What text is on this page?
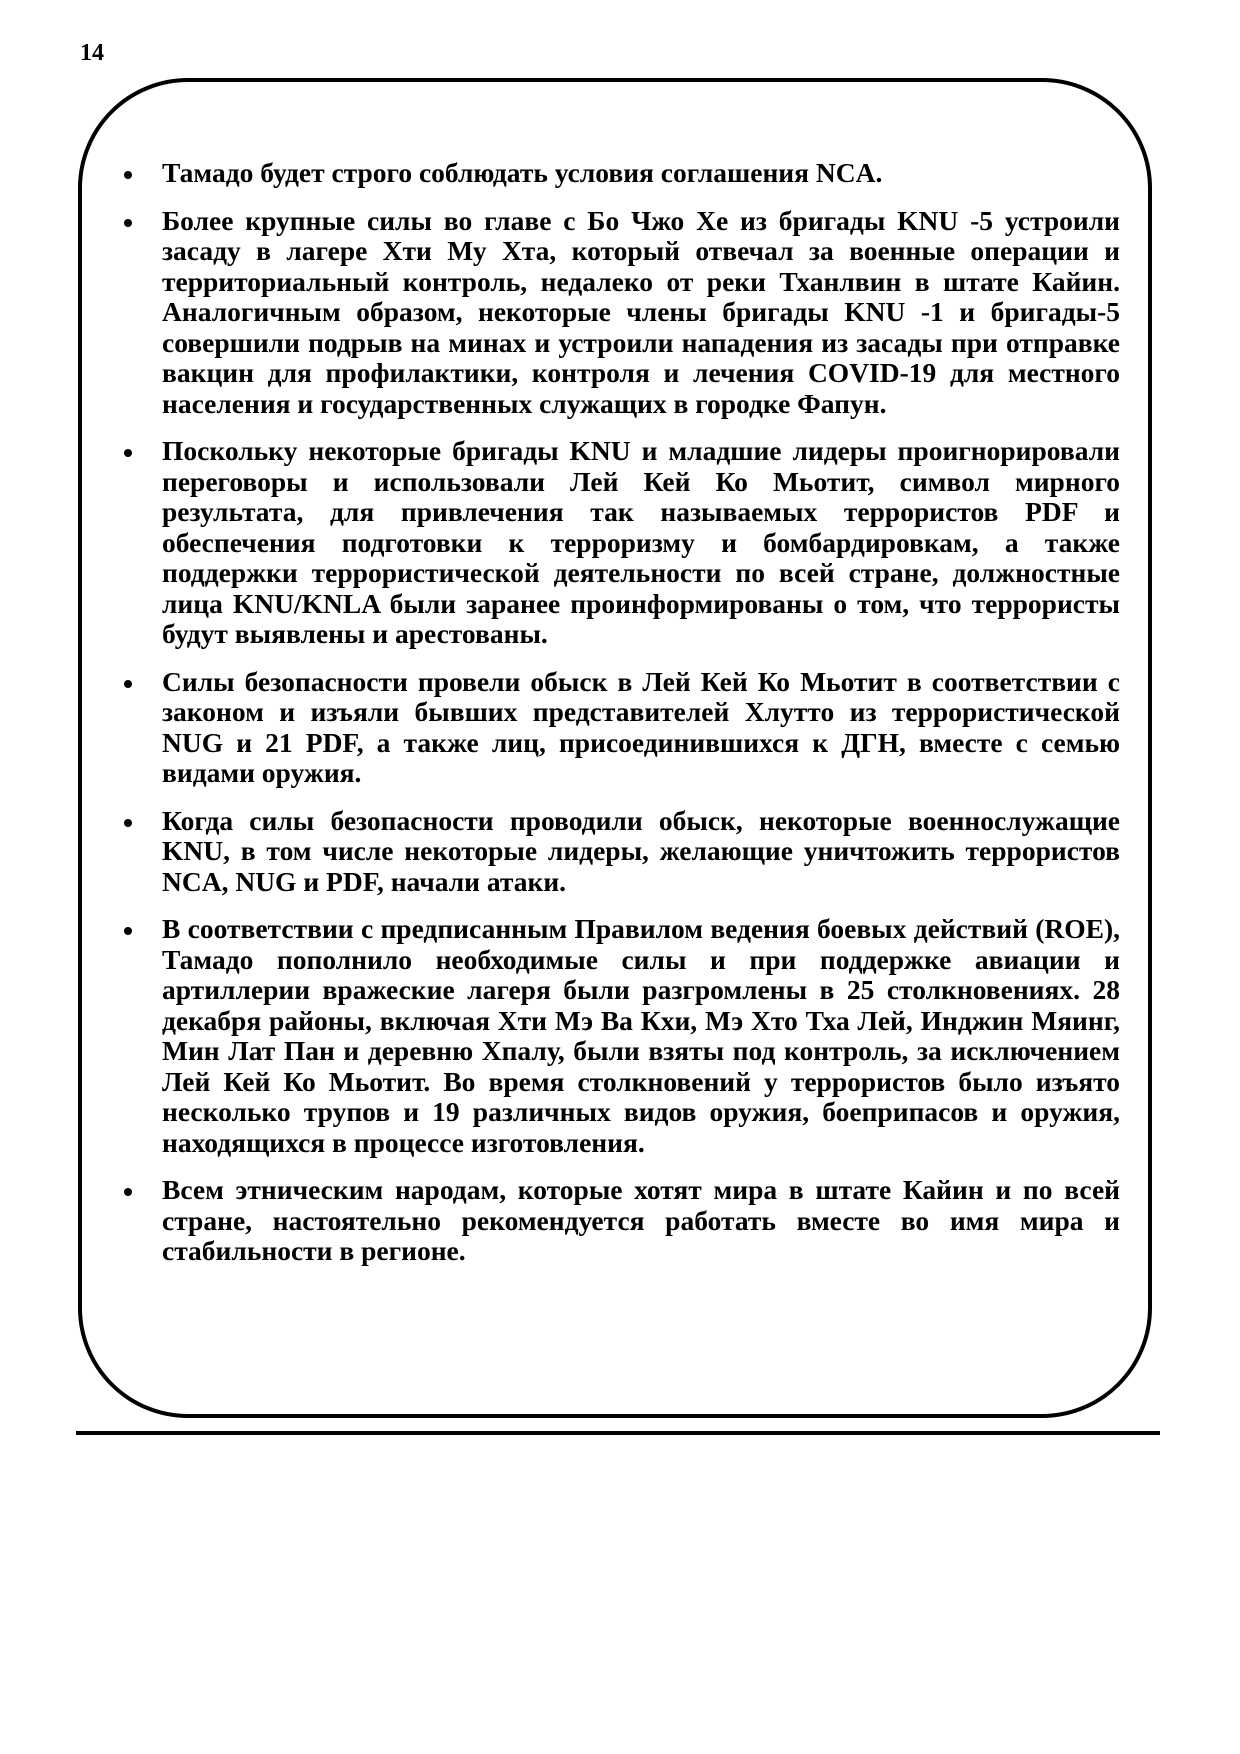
14
Тамадо будет строго соблюдать условия соглашения NCA.
Более крупные силы во главе с Бо Чжо Хе из бригады KNU -5 устроили засаду в лагере Хти Му Хта, который отвечал за военные операции и территориальный контроль, недалеко от реки Тханлвин в штате Кайин. Аналогичным образом, некоторые члены бригады KNU -1 и бригады-5 совершили подрыв на минах и устроили нападения из засады при отправке вакцин для профилактики, контроля и лечения COVID-19 для местного населения и государственных служащих в городке Фапун.
Поскольку некоторые бригады KNU и младшие лидеры проигнорировали переговоры и использовали Лей Кей Ко Мьотит, символ мирного результата, для привлечения так называемых террористов PDF и обеспечения подготовки к терроризму и бомбардировкам, а также поддержки террористической деятельности по всей стране, должностные лица KNU/KNLA были заранее проинформированы о том, что террористы будут выявлены и арестованы.
Силы безопасности провели обыск в Лей Кей Ко Мьотит в соответствии с законом и изъяли бывших представителей Хлутто из террористической NUG и 21 PDF, а также лиц, присоединившихся к ДГН, вместе с семью видами оружия.
Когда силы безопасности проводили обыск, некоторые военнослужащие KNU, в том числе некоторые лидеры, желающие уничтожить террористов NCA, NUG и PDF, начали атаки.
В соответствии с предписанным Правилом ведения боевых действий (ROE), Тамадо пополнило необходимые силы и при поддержке авиации и артиллерии вражеские лагеря были разгромлены в 25 столкновениях. 28 декабря районы, включая Хти Мэ Ва Кхи, Мэ Хто Тха Лей, Инджин Мяинг, Мин Лат Пан и деревню Хпалу, были взяты под контроль, за исключением Лей Кей Ко Мьотит. Во время столкновений у террористов было изъято несколько трупов и 19 различных видов оружия, боеприпасов и оружия, находящихся в процессе изготовления.
Всем этническим народам, которые хотят мира в штате Кайин и по всей стране, настоятельно рекомендуется работать вместе во имя мира и стабильности в регионе.
